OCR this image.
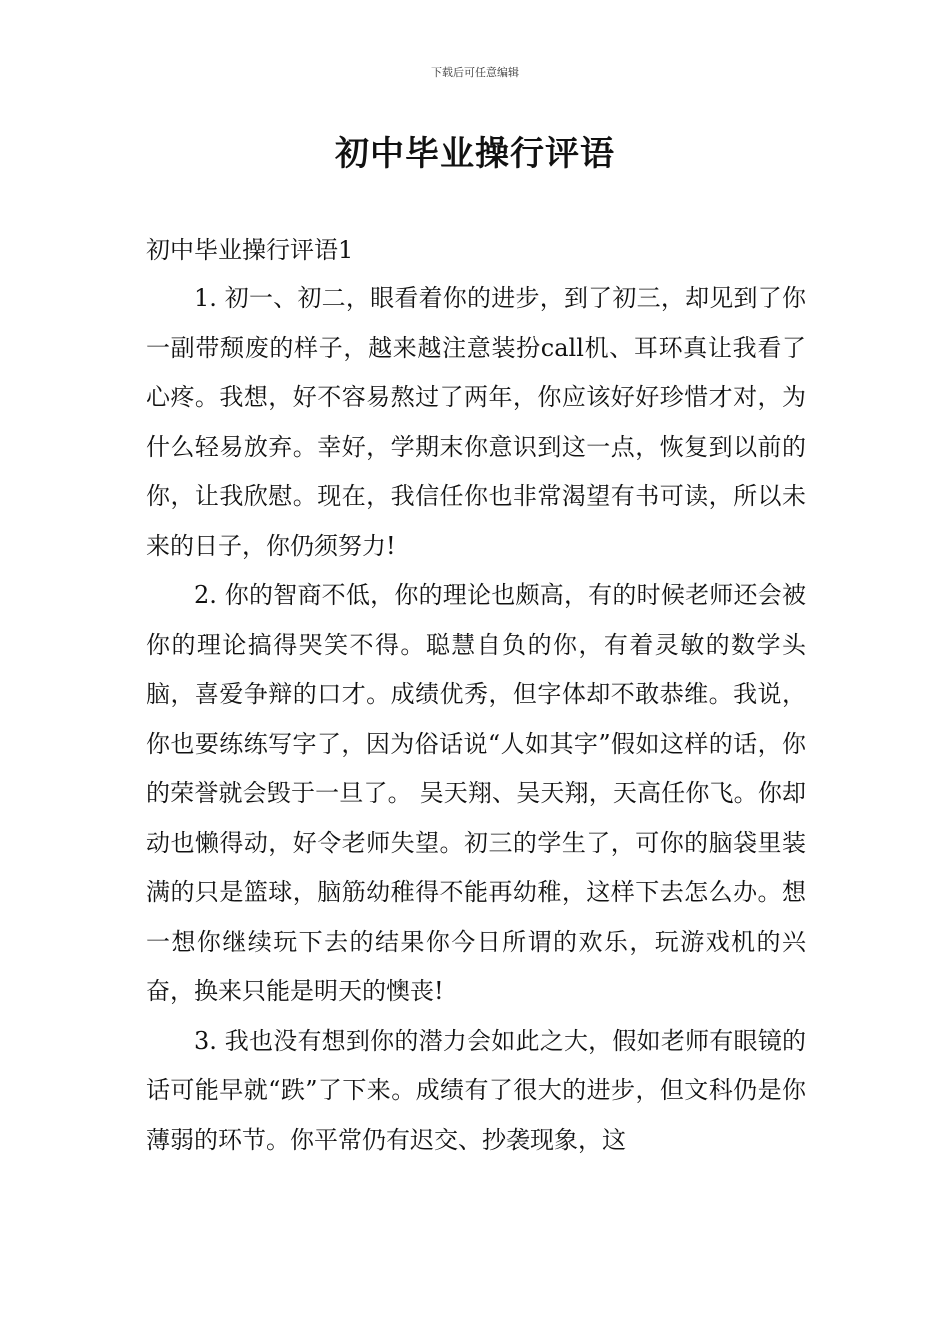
下载后可任意编辑
初中毕业操行评语
初中毕业操行评语1

1. 初一、初二，眼看着你的进步，到了初三，却见到了你一副带颓废的样子，越来越注意装扮call机、耳环真让我看了心疼。我想，好不容易熬过了两年，你应该好好珍惜才对，为什么轻易放弃。幸好，学期末你意识到这一点，恢复到以前的你，让我欣慰。现在，我信任你也非常渴望有书可读，所以未来的日子，你仍须努力!

2. 你的智商不低，你的理论也颇高，有的时候老师还会被你的理论搞得哭笑不得。聪慧自负的你，有着灵敏的数学头脑，喜爱争辩的口才。成绩优秀，但字体却不敢恭维。我说，你也要练练写字了，因为俗话说“人如其字”假如这样的话，你的荣誉就会毁于一旦了。 吴天翔、吴天翔，天高任你飞。你却动也懒得动，好令老师失望。初三的学生了，可你的脑袋里装满的只是篮球，脑筋幼稚得不能再幼稚，这样下去怎么办。想一想你继续玩下去的结果你今日所谓的欢乐，玩游戏机的兴奋，换来只能是明天的懊丧!

3. 我也没有想到你的潜力会如此之大，假如老师有眼镜的话可能早就“跌”了下来。成绩有了很大的进步，但文科仍是你薄弱的环节。你平常仍有迟交、抄袭现象，这
